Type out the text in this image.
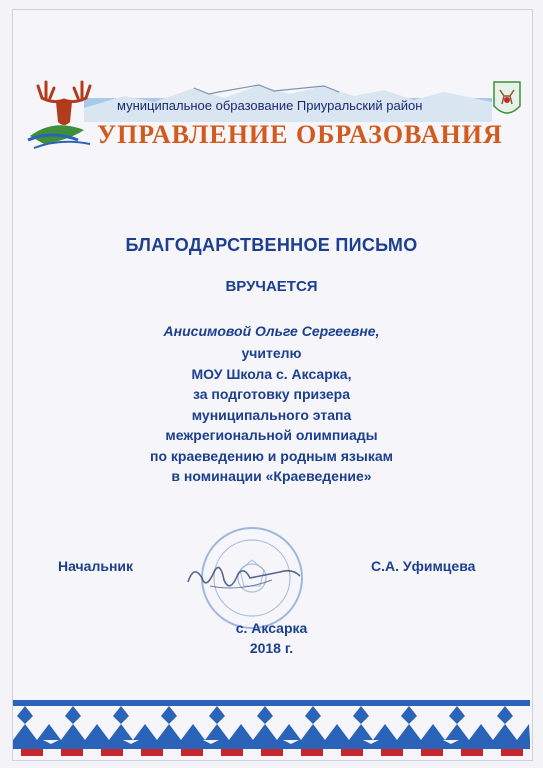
муниципальное образование Приуральский район
УПРАВЛЕНИЕ ОБРАЗОВАНИЯ
БЛАГОДАРСТВЕННОЕ ПИСЬМО
ВРУЧАЕТСЯ
Анисимовой Ольге Сергеевне,
учителю
МОУ Школа с. Аксарка,
за подготовку призера
муниципального этапа
межрегиональной олимпиады
по краеведению и родным языкам
в номинации «Краеведение»
Начальник	С.А. Уфимцева
с. Аксарка
2018 г.
